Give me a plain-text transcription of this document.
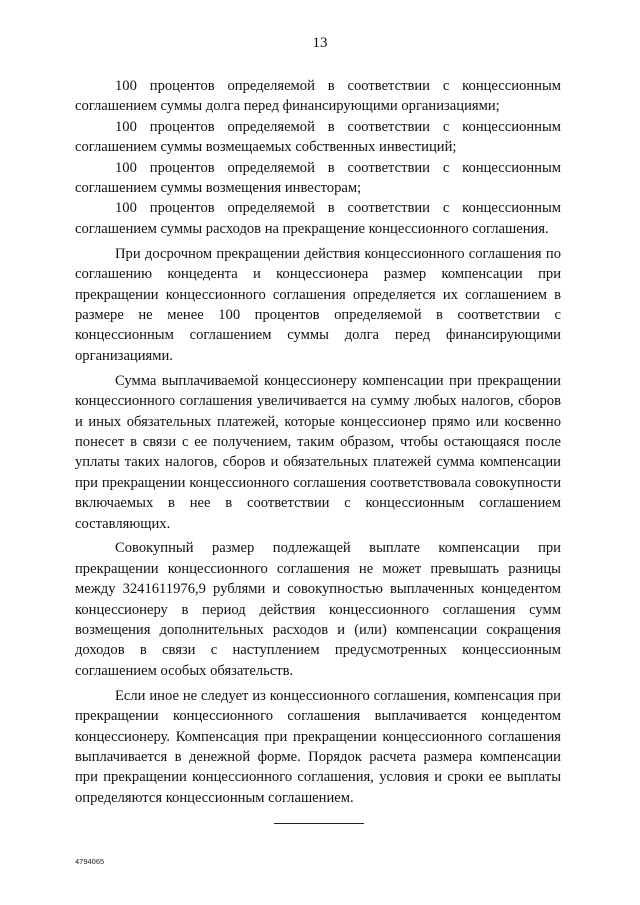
13

100 процентов определяемой в соответствии с концессионным соглашением суммы долга перед финансирующими организациями;

100 процентов определяемой в соответствии с концессионным соглашением суммы возмещаемых собственных инвестиций;

100 процентов определяемой в соответствии с концессионным соглашением суммы возмещения инвесторам;

100 процентов определяемой в соответствии с концессионным соглашением суммы расходов на прекращение концессионного соглашения.

При досрочном прекращении действия концессионного соглашения по соглашению концедента и концессионера размер компенсации при прекращении концессионного соглашения определяется их соглашением в размере не менее 100 процентов определяемой в соответствии с концессионным соглашением суммы долга перед финансирующими организациями.

Сумма выплачиваемой концессионеру компенсации при прекращении концессионного соглашения увеличивается на сумму любых налогов, сборов и иных обязательных платежей, которые концессионер прямо или косвенно понесет в связи с ее получением, таким образом, чтобы остающаяся после уплаты таких налогов, сборов и обязательных платежей сумма компенсации при прекращении концессионного соглашения соответствовала совокупности включаемых в нее в соответствии с концессионным соглашением составляющих.

Совокупный размер подлежащей выплате компенсации при прекращении концессионного соглашения не может превышать разницы между 3241611976,9 рублями и совокупностью выплаченных концедентом концессионеру в период действия концессионного соглашения сумм возмещения дополнительных расходов и (или) компенсации сокращения доходов в связи с наступлением предусмотренных концессионным соглашением особых обязательств.

Если иное не следует из концессионного соглашения, компенсация при прекращении концессионного соглашения выплачивается концедентом концессионеру. Компенсация при прекращении концессионного соглашения выплачивается в денежной форме. Порядок расчета размера компенсации при прекращении концессионного соглашения, условия и сроки ее выплаты определяются концессионным соглашением.

4794065
